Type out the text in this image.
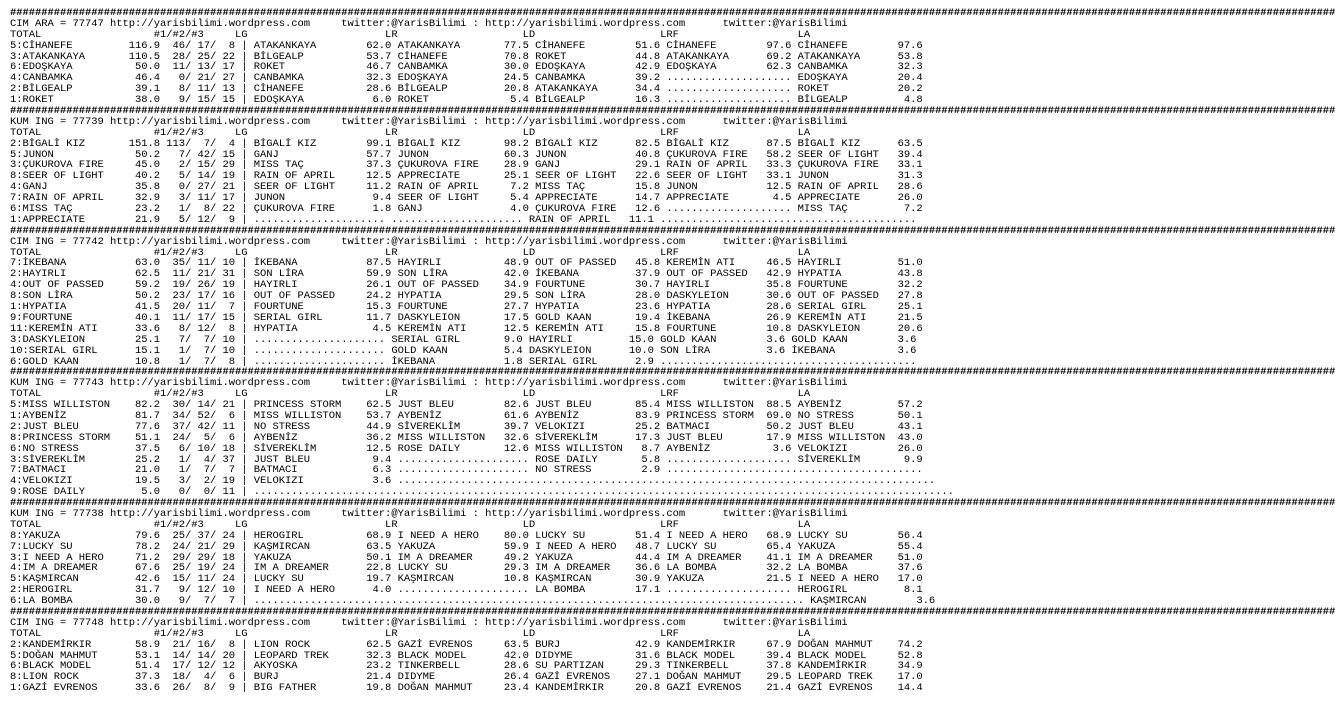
####################################################################################################################################################################################################################
CIM ARA = 77747 http://yarisbilimi.wordpress.com     twitter:@YarisBilimi : http://yarisbilimi.wordpress.com      twitter:@YarisBilimi
TOTAL                  #1/#2/#3     LG                      LR                    LD                    LRF                   LA
5:CİHANEFE         116.9  46/ 17/  8 | ATAKANKAYA        62.0 ATAKANKAYA       77.5 CİHANEFE        51.6 CİHANEFE        97.6 CİHANEFE        97.6
3:ATAKANKAYA       110.5  28/ 25/ 22 | BİLGEALP          53.7 CİHANEFE         70.8 ROKET           44.8 ATAKANKAYA      69.2 ATAKANKAYA      53.8
6:EDOŞKAYA          50.0  11/ 13/ 17 | ROKET             46.7 CANBAMKA         30.0 EDOŞKAYA        42.9 EDOŞKAYA        62.3 CANBAMKA        32.3
4:CANBAMKA          46.4   0/ 21/ 27 | CANBAMKA          32.3 EDOŞKAYA         24.5 CANBAMKA        39.2 .................... EDOŞKAYA        20.4
2:BİLGEALP          39.1   8/ 11/ 13 | CİHANEFE          28.6 BİLGEALP         20.8 ATAKANKAYA      34.4 .................... ROKET           20.2
1:ROKET             38.0   9/ 15/ 15 | EDOŞKAYA           6.0 ROKET             5.4 BİLGEALP        16.3 .................... BİLGEALP         4.8
####################################################################################################################################################################################################################
KUM ING = 77739 http://yarisbilimi.wordpress.com     twitter:@YarisBilimi : http://yarisbilimi.wordpress.com      twitter:@YarisBilimi
TOTAL                  #1/#2/#3     LG                      LR                    LD                    LRF                   LA
2:BİGALİ KIZ       151.8 113/  7/  4 | BİGALİ KIZ        99.1 BİGALİ KIZ       98.2 BİGALİ KIZ      82.5 BİGALİ KIZ      87.5 BİGALİ KIZ      63.5
5:JUNON             50.2   7/ 42/ 15 | GANJ              57.7 JUNON            60.3 JUNON           40.8 ÇUKUROVA FIRE   58.2 SEER OF LIGHT   39.4
3:ÇUKUROVA FIRE     45.0   2/ 15/ 29 | MISS TAÇ          37.3 ÇUKUROVA FIRE    28.9 GANJ            29.1 RAIN OF APRIL   33.3 ÇUKUROVA FIRE   33.1
8:SEER OF LIGHT     40.2   5/ 14/ 19 | RAIN OF APRIL     12.5 APPRECIATE       25.1 SEER OF LIGHT   22.6 SEER OF LIGHT   33.1 JUNON           31.3
4:GANJ              35.8   0/ 27/ 21 | SEER OF LIGHT     11.2 RAIN OF APRIL     7.2 MISS TAÇ        15.8 JUNON           12.5 RAIN OF APRIL   28.6
7:RAIN OF APRIL     32.9   3/ 11/ 17 | JUNON              9.4 SEER OF LIGHT     5.4 APPRECIATE      14.7 APPRECIATE       4.5 APPRECIATE      26.0
6:MISS TAÇ          23.2   1/  8/ 22 | ÇUKUROVA FIRE      1.8 GANJ              4.0 ÇUKUROVA FIRE   12.6 .................... MISS TAÇ         7.2
1:APPRECIATE        21.9   5/ 12/  9 | ..................... ..................... RAIN OF APRIL   11.1 .........................................
####################################################################################################################################################################################################################
CIM ING = 77742 http://yarisbilimi.wordpress.com     twitter:@YarisBilimi : http://yarisbilimi.wordpress.com      twitter:@YarisBilimi
TOTAL                  #1/#2/#3     LG                      LR                    LD                    LRF                   LA
7:İKEBANA           63.0  35/ 11/ 10 | İKEBANA           87.5 HAYIRLI          48.9 OUT OF PASSED   45.8 KEREMİN ATI     46.5 HAYIRLI         51.0
2:HAYIRLI           62.5  11/ 21/ 31 | SON LİRA          59.9 SON LİRA         42.0 İKEBANA         37.9 OUT OF PASSED   42.9 HYPATIA         43.8
4:OUT OF PASSED     59.2  19/ 26/ 19 | HAYIRLI           26.1 OUT OF PASSED    34.9 FOURTUNE        30.7 HAYIRLI         35.8 FOURTUNE        32.2
8:SON LİRA          50.2  23/ 17/ 16 | OUT OF PASSED     24.2 HYPATIA          29.5 SON LİRA        28.0 DASKYLEION      30.6 OUT OF PASSED   27.8
1:HYPATIA           41.5  20/ 11/  7 | FOURTUNE          15.3 FOURTUNE         27.7 HYPATIA         23.6 HYPATIA         28.6 SERIAL GIRL     25.1
9:FOURTUNE          40.1  11/ 17/ 15 | SERIAL GIRL       11.7 DASKYLEION       17.5 GOLD KAAN       19.4 İKEBANA         26.9 KEREMİN ATI     21.5
11:KEREMİN ATI      33.6   8/ 12/  8 | HYPATIA            4.5 KEREMİN ATI      12.5 KEREMİN ATI     15.8 FOURTUNE        10.8 DASKYLEION      20.6
3:DASKYLEION        25.1   7/  7/ 10 | ..................... SERIAL GIRL       9.0 HAYIRLI         15.0 GOLD KAAN        3.6 GOLD KAAN        3.6
10:SERIAL GIRL      15.1   1/  7/ 10 | ..................... GOLD KAAN         5.4 DASKYLEION      10.0 SON LİRA         3.6 İKEBANA          3.6
6:GOLD KAAN         10.8   1/  7/  8 | ..................... İKEBANA           1.8 SERIAL GIRL      2.9 .........................................
####################################################################################################################################################################################################################
KUM ING = 77743 http://yarisbilimi.wordpress.com     twitter:@YarisBilimi : http://yarisbilimi.wordpress.com      twitter:@YarisBilimi
TOTAL                  #1/#2/#3     LG                      LR                    LD                    LRF                   LA
5:MISS WILLISTON    82.2  30/ 14/ 21 | PRINCESS STORM    62.5 JUST BLEU        82.6 JUST BLEU       85.4 MISS WILLISTON  88.5 AYBENİZ         57.2
1:AYBENİZ           81.7  34/ 52/  6 | MISS WILLISTON    53.7 AYBENİZ          61.6 AYBENİZ         83.9 PRINCESS STORM  69.0 NO STRESS       50.1
2:JUST BLEU         77.6  37/ 42/ 11 | NO STRESS         44.9 SİVEREKLİM       39.7 VELOKIZI        25.2 BATMACI         50.2 JUST BLEU       43.1
8:PRINCESS STORM    51.1  24/  5/  6 | AYBENİZ           36.2 MISS WILLISTON   32.6 SİVEREKLİM      17.3 JUST BLEU       17.9 MISS WILLISTON  43.0
6:NO STRESS         37.5   6/ 10/ 18 | SİVEREKLİM        12.5 ROSE DAILY       12.6 MISS WILLISTON   8.7 AYBENİZ          3.6 VELOKIZI        26.0
3:SİVEREKLİM        25.2   1/  4/ 37 | JUST BLEU          9.4 ..................... ROSE DAILY       5.8 .................... SİVEREKLİM       9.9
7:BATMACI           21.0   1/  7/  7 | BATMACI            6.3 ..................... NO STRESS        2.9 .........................................
4:VELOKIZI          19.5   3/  2/ 19 | VELOKIZI           3.6 ......................................................................................
9:ROSE DAILY         5.0   0/  0/ 11 | ................................................................................................................
####################################################################################################################################################################################################################
KUM ING = 77738 http://yarisbilimi.wordpress.com     twitter:@YarisBilimi : http://yarisbilimi.wordpress.com      twitter:@YarisBilimi
TOTAL                  #1/#2/#3     LG                      LR                    LD                    LRF                   LA
8:YAKUZA            79.6  25/ 37/ 24 | HEROGIRL          68.9 I NEED A HERO    80.0 LUCKY SU        51.4 I NEED A HERO   68.9 LUCKY SU        56.4
7:LUCKY SU          78.2  24/ 21/ 29 | KAŞMIRCAN         63.5 YAKUZA           59.9 I NEED A HERO   48.7 LUCKY SU        65.4 YAKUZA          55.4
3:I NEED A HERO     71.2  29/ 29/ 18 | YAKUZA            50.1 IM A DREAMER     49.2 YAKUZA          44.4 IM A DREAMER    41.1 IM A DREAMER    51.0
4:IM A DREAMER      67.6  25/ 19/ 24 | IM A DREAMER      22.8 LUCKY SU         29.3 IM A DREAMER    36.6 LA BOMBA        32.2 LA BOMBA        37.6
5:KAŞMIRCAN         42.6  15/ 11/ 24 | LUCKY SU          19.7 KAŞMIRCAN        10.8 KAŞMIRCAN       30.9 YAKUZA          21.5 I NEED A HERO   17.0
2:HEROGIRL          31.7   9/ 12/ 10 | I NEED A HERO      4.0 ..................... LA BOMBA        17.1 .................... HEROGIRL         8.1
6:LA BOMBA          30.0   9/  7/  7 | ........................................................................................ KAŞMIRCAN        3.6
####################################################################################################################################################################################################################
CIM ING = 77748 http://yarisbilimi.wordpress.com     twitter:@YarisBilimi : http://yarisbilimi.wordpress.com      twitter:@YarisBilimi
TOTAL                  #1/#2/#3     LG                      LR                    LD                    LRF                   LA
2:KANDEMİRKIR       58.9  21/ 16/  8 | LION ROCK         62.5 GAZİ EVRENOS     63.5 BURJ            42.9 KANDEMİRKIR     67.9 DOĞAN MAHMUT    74.2
5:DOĞAN MAHMUT      53.1  14/ 14/ 20 | LEOPARD TREK      32.3 BLACK MODEL      42.0 DIDYME          31.6 BLACK MODEL     39.4 BLACK MODEL     52.8
6:BLACK MODEL       51.4  17/ 12/ 12 | AKYOSKA           23.2 TINKERBELL       28.6 SU PARTIZAN     29.3 TINKERBELL      37.8 KANDEMİRKIR     34.9
8:LION ROCK         37.3  18/  4/  6 | BURJ              21.4 DIDYME           26.4 GAZİ EVRENOS    27.1 DOĞAN MAHMUT    29.5 LEOPARD TREK    17.0
1:GAZİ EVRENOS      33.6  26/  8/  9 | BIG FATHER        19.8 DOĞAN MAHMUT     23.4 KANDEMİRKIR     20.8 GAZİ EVRENOS    21.4 GAZİ EVRENOS    14.4
